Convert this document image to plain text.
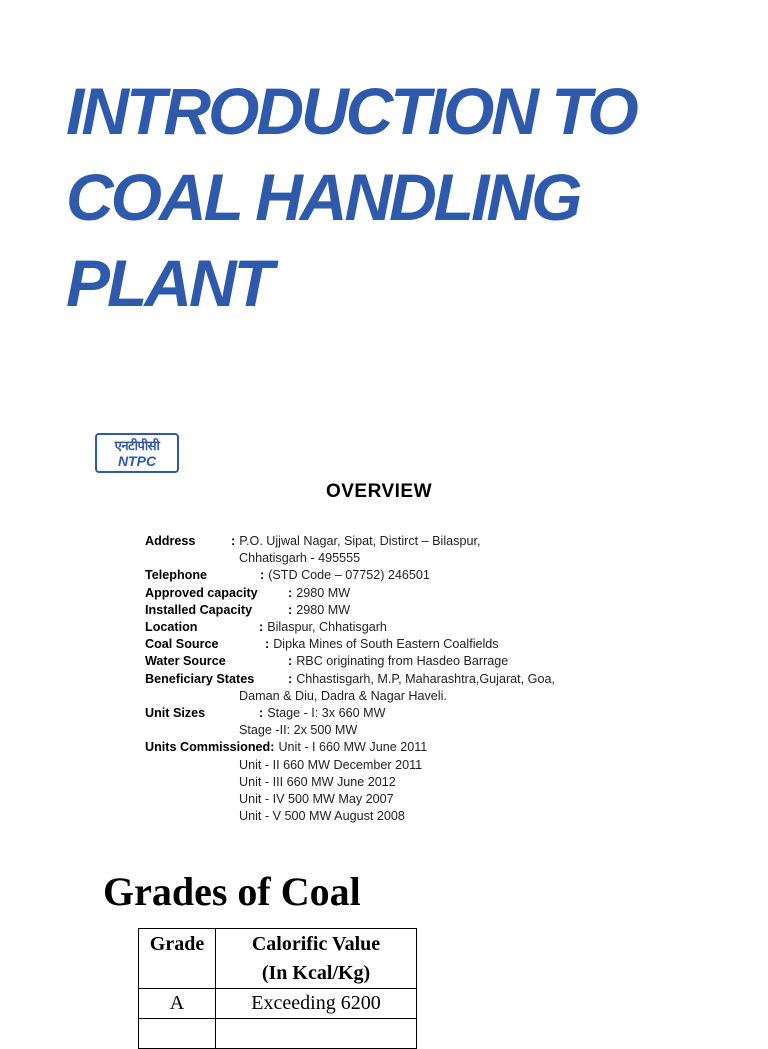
INTRODUCTION TO
COAL HANDLING
PLANT
एनटीपीसी
NTPC
OVERVIEW
Address	: P.O. Ujjwal Nagar, Sipat, Distirct – Bilaspur,
Chhatisgarh - 495555
Telephone	: (STD Code – 07752) 246501
Approved capacity : 2980 MW
Installed Capacity	: 2980 MW
Location	: Bilaspur, Chhatisgarh
Coal Source	: Dipka Mines of South Eastern Coalfields
Water Source	: RBC originating from Hasdeo Barrage
Beneficiary States	: Chhastisgarh, M.P, Maharashtra,Gujarat, Goa,
Daman & Diu, Dadra & Nagar Haveli.
Unit Sizes	: Stage - I: 3x 660 MW
Stage -II: 2x 500 MW
Units Commissioned: Unit - I 660 MW June 2011
Unit - II 660 MW December 2011
Unit - III 660 MW June 2012
Unit - IV 500 MW May 2007
Unit - V 500 MW August 2008
Grades of Coal
Grade	Calorific Value
(In Kcal/Kg)

A	Exceeding 6200
